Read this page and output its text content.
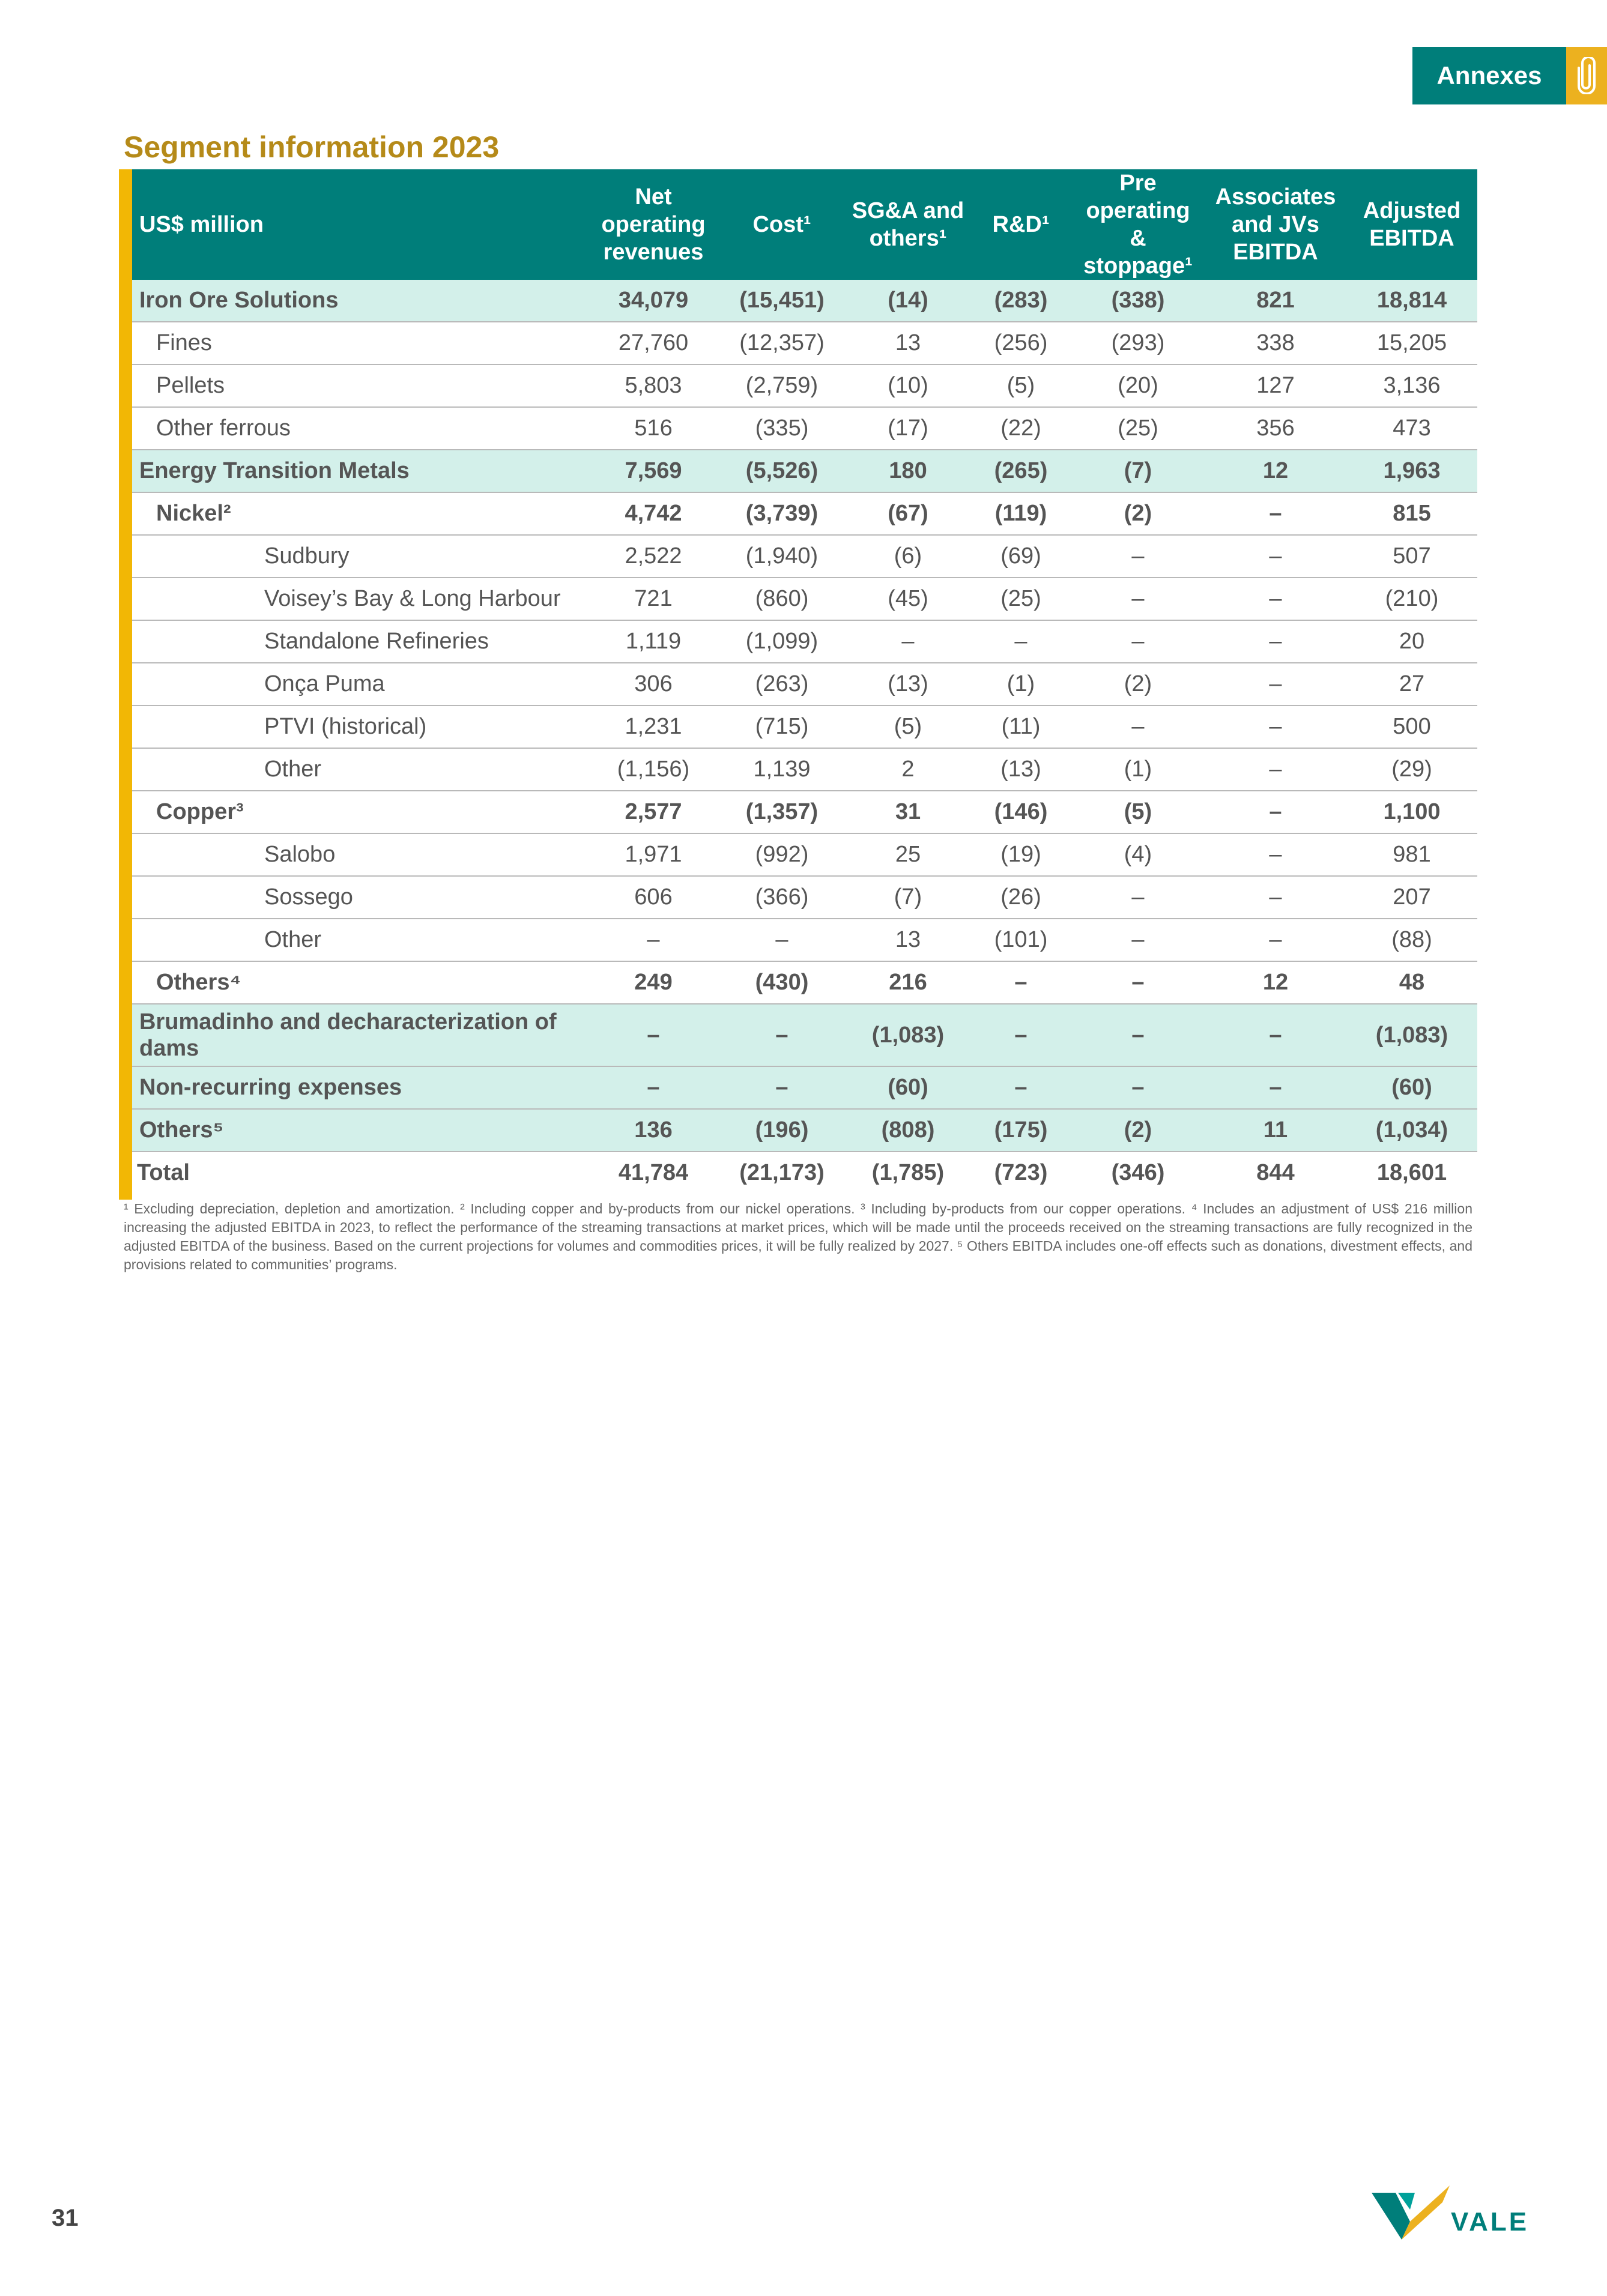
Annexes
Segment information 2023
US$ million	Net operating revenues	Cost¹	SG&A and others¹	R&D¹	Pre operating & stoppage¹	Associates and JVs EBITDA	Adjusted EBITDA
Iron Ore Solutions	34,079	(15,451)	(14)	(283)	(338)	821	18,814
Fines	27,760	(12,357)	13	(256)	(293)	338	15,205
Pellets	5,803	(2,759)	(10)	(5)	(20)	127	3,136
Other ferrous	516	(335)	(17)	(22)	(25)	356	473
Energy Transition Metals	7,569	(5,526)	180	(265)	(7)	12	1,963
Nickel²	4,742	(3,739)	(67)	(119)	(2)	–	815
Sudbury	2,522	(1,940)	(6)	(69)	–	–	507
Voisey’s Bay & Long Harbour	721	(860)	(45)	(25)	–	–	(210)
Standalone Refineries	1,119	(1,099)	–	–	–	–	20
Onça Puma	306	(263)	(13)	(1)	(2)	–	27
PTVI (historical)	1,231	(715)	(5)	(11)	–	–	500
Other	(1,156)	1,139	2	(13)	(1)	–	(29)
Copper³	2,577	(1,357)	31	(146)	(5)	–	1,100
Salobo	1,971	(992)	25	(19)	(4)	–	981
Sossego	606	(366)	(7)	(26)	–	–	207
Other	–	–	13	(101)	–	–	(88)
Others⁴	249	(430)	216	–	–	12	48
Brumadinho and decharacterization of dams	–	–	(1,083)	–	–	–	(1,083)
Non-recurring expenses	–	–	(60)	–	–	–	(60)
Others⁵	136	(196)	(808)	(175)	(2)	11	(1,034)
Total	41,784	(21,173)	(1,785)	(723)	(346)	844	18,601

¹ Excluding depreciation, depletion and amortization. ² Including copper and by-products from our nickel operations. ³ Including by-products from our copper operations. ⁴ Includes an adjustment of US$ 216 million increasing the adjusted EBITDA in 2023, to reflect the performance of the streaming transactions at market prices, which will be made until the proceeds received on the streaming transactions are fully recognized in the adjusted EBITDA of the business. Based on the current projections for volumes and commodities prices, it will be fully realized by 2027. ⁵ Others EBITDA includes one-off effects such as donations, divestment effects, and provisions related to communities’ programs.

31	VALE
